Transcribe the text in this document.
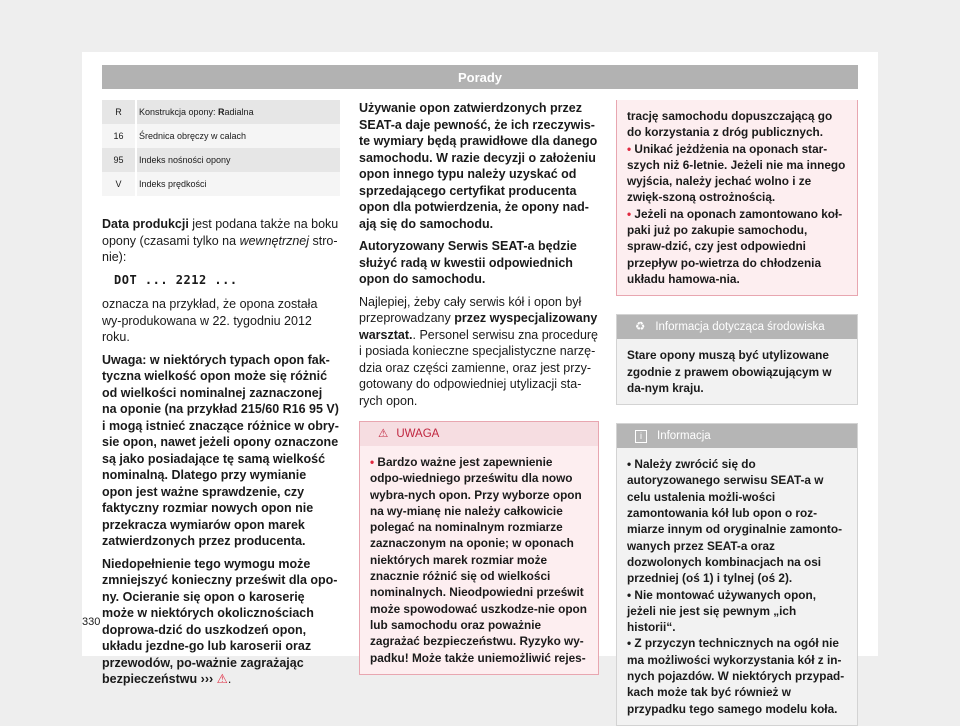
Porady
R	Konstrukcja opony: Radialna
16	Średnica obręczy w calach
95	Indeks nośności opony
V	Indeks prędkości

Data produkcji jest podana także na boku opony (czasami tylko na wewnętrznej stro-nie):

DOT ... 2212 ...

oznacza na przykład, że opona została wy-produkowana w 22. tygodniu 2012 roku.

Uwaga: w niektórych typach opon fak-tyczna wielkość opon może się różnić od wielkości nominalnej zaznaczonej na oponie (na przykład 215/60 R16 95 V) i mogą istnieć znaczące różnice w obry-sie opon, nawet jeżeli opony oznaczone są jako posiadające tę samą wielkość nominalną. Dlatego przy wymianie opon jest ważne sprawdzenie, czy faktyczny rozmiar nowych opon nie przekracza wymiarów opon marek zatwierdzonych przez producenta.

Niedopełnienie tego wymogu może zmniejszyć konieczny prześwit dla opo-ny. Ocieranie się opon o karoserię może w niektórych okolicznościach doprowa-dzić do uszkodzeń opon, układu jezdne-go lub karoserii oraz przewodów, po-ważnie zagrażając bezpieczeństwu ››› ⚠.

Używanie opon zatwierdzonych przez SEAT-a daje pewność, że ich rzeczywis-te wymiary będą prawidłowe dla danego samochodu. W razie decyzji o założeniu opon innego typu należy uzyskać od sprzedającego certyfikat producenta opon dla potwierdzenia, że opony nad-ają się do samochodu.

Autoryzowany Serwis SEAT-a będzie służyć radą w kwestii odpowiednich opon do samochodu.

Najlepiej, żeby cały serwis kół i opon był przeprowadzany przez wyspecjalizowany warsztat.. Personel serwisu zna procedurę i posiada konieczne specjalistyczne narzę-dzia oraz części zamienne, oraz jest przy-gotowany do odpowiedniej utylizacji sta-rych opon.

⚠ UWAGA
• Bardzo ważne jest zapewnienie odpo-wiedniego prześwitu dla nowo wybra-nych opon. Przy wyborze opon na wy-mianę nie należy całkowicie polegać na nominalnym rozmiarze zaznaczonym na oponie; w oponach niektórych marek rozmiar może znacznie różnić się od wielkości nominalnych. Nieodpowiedni prześwit może spowodować uszkodze-nie opon lub samochodu oraz poważnie zagrażać bezpieczeństwu. Ryzyko wy-padku! Może także uniemożliwić rejes-
trację samochodu dopuszczającą go do korzystania z dróg publicznych.
• Unikać jeżdżenia na oponach star-szych niż 6-letnie. Jeżeli nie ma innego wyjścia, należy jechać wolno i ze zwięk-szoną ostrożnością.
• Jeżeli na oponach zamontowano koł-paki już po zakupie samochodu, spraw-dzić, czy jest odpowiedni przepływ po-wietrza do chłodzenia układu hamowa-nia.
♻ Informacja dotycząca środowiska
Stare opony muszą być utylizowane zgodnie z prawem obowiązującym w da-nym kraju.
i	Informacja
• Należy zwrócić się do autoryzowanego serwisu SEAT-a w celu ustalenia możli-wości zamontowania kół lub opon o roz-miarze innym od oryginalnie zamonto-wanych przez SEAT-a oraz dozwolonych kombinacjach na osi przedniej (oś 1) i tylnej (oś 2).
• Nie montować używanych opon, jeżeli nie jest się pewnym „ich historii“.
• Z przyczyn technicznych na ogół nie ma możliwości wykorzystania kół z in-nych pojazdów. W niektórych przypad-kach może tak być również w przypadku tego samego modelu koła.
330
